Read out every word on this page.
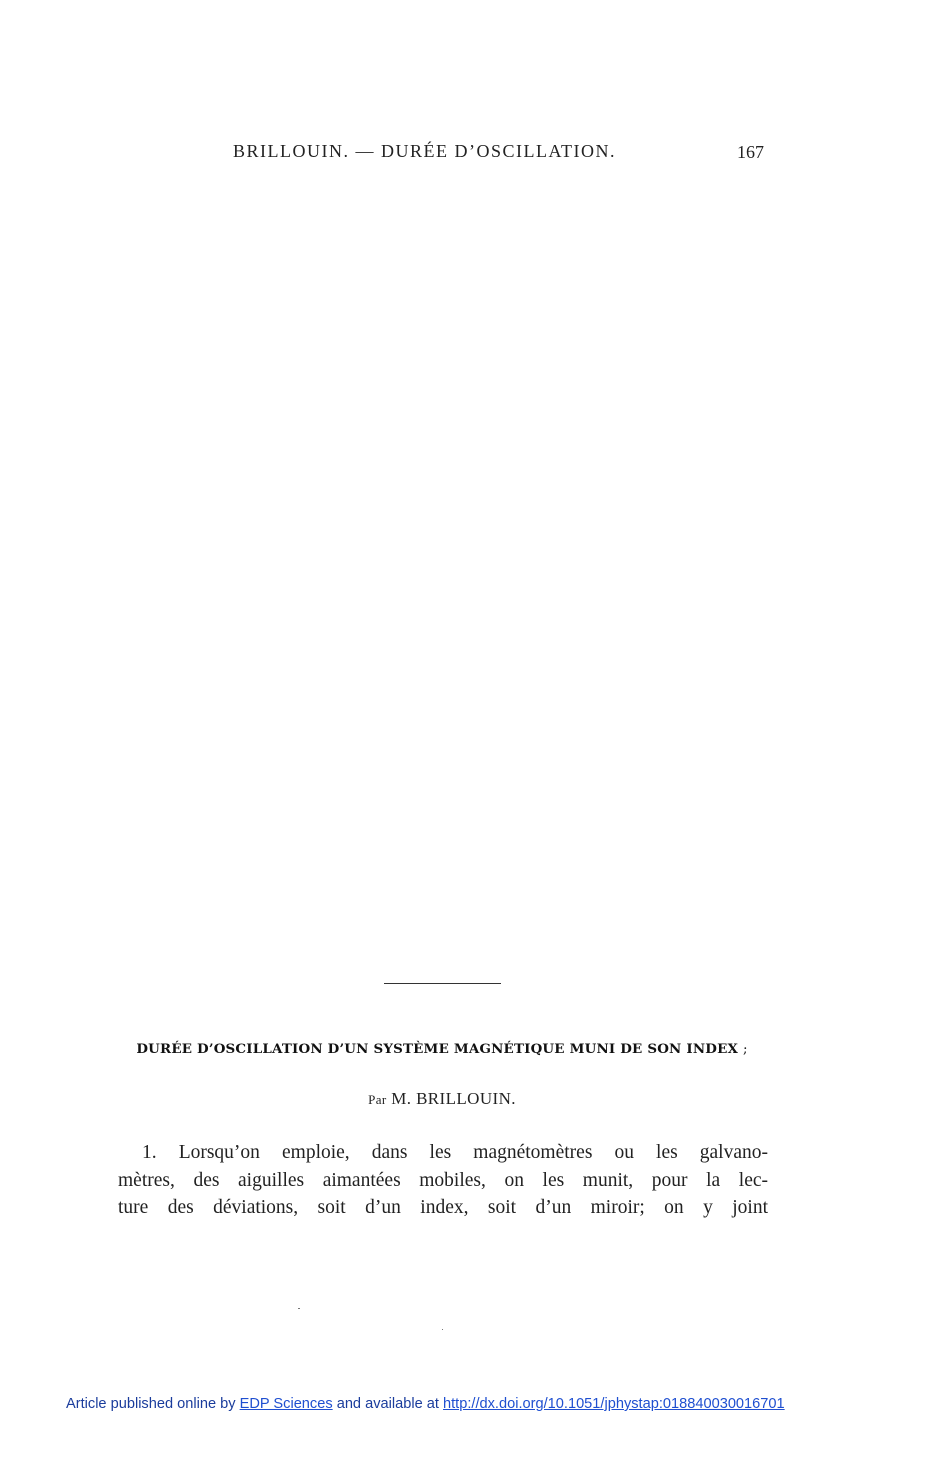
BRILLOUIN. — DURÉE D’OSCILLATION.	167
DURÉE D’OSCILLATION D’UN SYSTÈME MAGNÉTIQUE MUNI DE SON INDEX ;
Par M. BRILLOUIN.
1. Lorsqu’on emploie, dans les magnétomètres ou les galvano-
mètres, des aiguilles aimantées mobiles, on les munit, pour la lec-
ture des déviations, soit d’un index, soit d’un miroir; on y joint
Article published online by EDP Sciences and available at http://dx.doi.org/10.1051/jphystap:018840030016701
